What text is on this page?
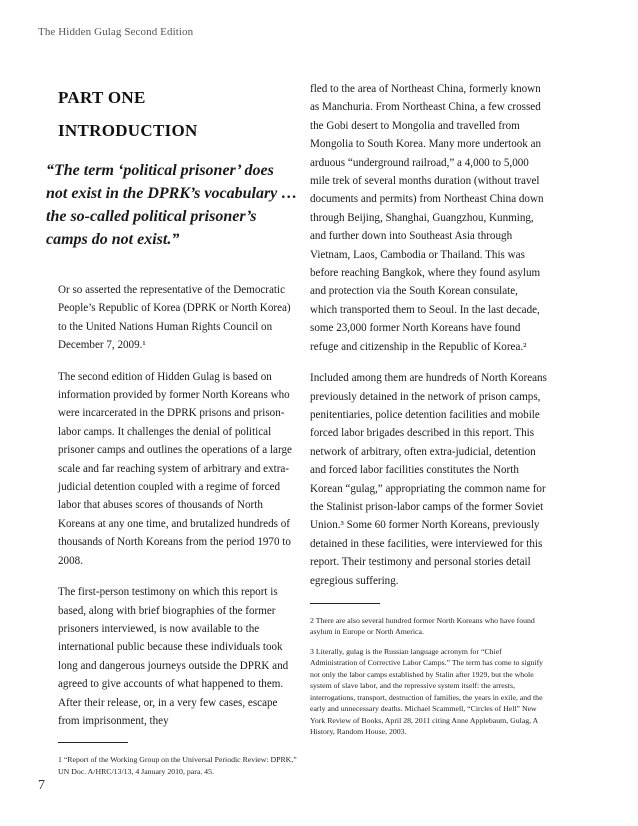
The Hidden Gulag Second Edition
PART ONE
INTRODUCTION

“The term ‘political prisoner’ does not exist in the DPRK’s vocabulary … the so-called political prisoner’s camps do not exist.”

Or so asserted the representative of the Democratic People’s Republic of Korea (DPRK or North Korea) to the United Nations Human Rights Council on December 7, 2009.¹

The second edition of Hidden Gulag is based on information provided by former North Koreans who were incarcerated in the DPRK prisons and prison-labor camps. It challenges the denial of political prisoner camps and outlines the operations of a large scale and far reaching system of arbitrary and extra-judicial detention coupled with a regime of forced labor that abuses scores of thousands of North Koreans at any one time, and brutalized hundreds of thousands of North Koreans from the period 1970 to 2008.

The first-person testimony on which this report is based, along with brief biographies of the former prisoners interviewed, is now available to the international public because these individuals took long and dangerous journeys outside the DPRK and agreed to give accounts of what happened to them. After their release, or, in a very few cases, escape from imprisonment, they

1 “Report of the Working Group on the Universal Periodic Review: DPRK,” UN Doc. A/HRC/13/13, 4 January 2010, para. 45.

fled to the area of Northeast China, formerly known as Manchuria. From Northeast China, a few crossed the Gobi desert to Mongolia and travelled from Mongolia to South Korea. Many more undertook an arduous “underground railroad,” a 4,000 to 5,000 mile trek of several months duration (without travel documents and permits) from Northeast China down through Beijing, Shanghai, Guangzhou, Kunming, and further down into Southeast Asia through Vietnam, Laos, Cambodia or Thailand. This was before reaching Bangkok, where they found asylum and protection via the South Korean consulate, which transported them to Seoul. In the last decade, some 23,000 former North Koreans have found refuge and citizenship in the Republic of Korea.²

Included among them are hundreds of North Koreans previously detained in the network of prison camps, penitentiaries, police detention facilities and mobile forced labor brigades described in this report. This network of arbitrary, often extra-judicial, detention and forced labor facilities constitutes the North Korean “gulag,” appropriating the common name for the Stalinist prison-labor camps of the former Soviet Union.³ Some 60 former North Koreans, previously detained in these facilities, were interviewed for this report. Their testimony and personal stories detail egregious suffering.

2 There are also several hundred former North Koreans who have found asylum in Europe or North America.

3 Literally, gulag is the Russian language acronym for “Chief Administration of Corrective Labor Camps.” The term has come to signify not only the labor camps established by Stalin after 1929, but the whole system of slave labor, and the repressive system itself: the arrests, interrogations, transport, destruction of families, the years in exile, and the early and unnecessary deaths. Michael Scammell, “Circles of Hell” New York Review of Books, April 28, 2011 citing Anne Applebaum, Gulag, A History, Random House, 2003.

7
